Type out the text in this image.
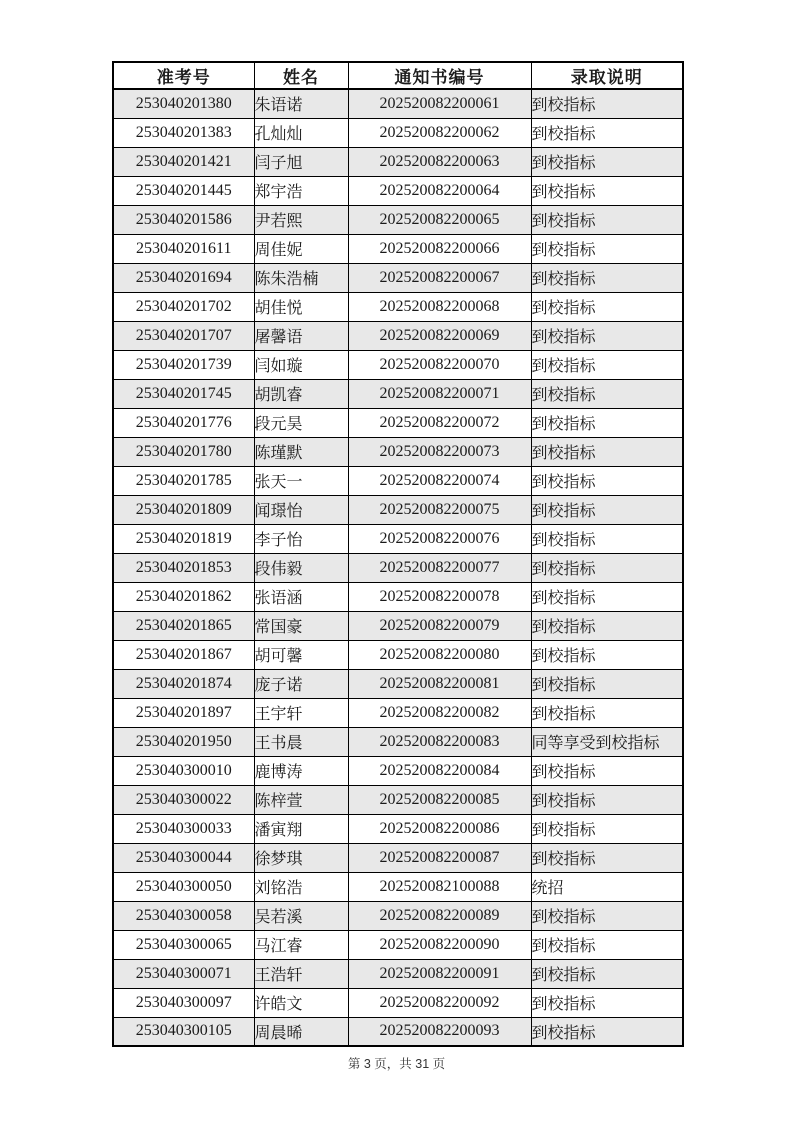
准考号	姓名	通知书编号	录取说明
253040201380	朱语诺	202520082200061	到校指标
253040201383	孔灿灿	202520082200062	到校指标
253040201421	闫子旭	202520082200063	到校指标
253040201445	郑宇浩	202520082200064	到校指标
253040201586	尹若熙	202520082200065	到校指标
253040201611	周佳妮	202520082200066	到校指标
253040201694	陈朱浩楠	202520082200067	到校指标
253040201702	胡佳悦	202520082200068	到校指标
253040201707	屠馨语	202520082200069	到校指标
253040201739	闫如璇	202520082200070	到校指标
253040201745	胡凯睿	202520082200071	到校指标
253040201776	段元昊	202520082200072	到校指标
253040201780	陈瑾默	202520082200073	到校指标
253040201785	张天一	202520082200074	到校指标
253040201809	闻璟怡	202520082200075	到校指标
253040201819	李子怡	202520082200076	到校指标
253040201853	段伟毅	202520082200077	到校指标
253040201862	张语涵	202520082200078	到校指标
253040201865	常国豪	202520082200079	到校指标
253040201867	胡可馨	202520082200080	到校指标
253040201874	庞子诺	202520082200081	到校指标
253040201897	王宇轩	202520082200082	到校指标
253040201950	王书晨	202520082200083	同等享受到校指标
253040300010	鹿博涛	202520082200084	到校指标
253040300022	陈梓萱	202520082200085	到校指标
253040300033	潘寅翔	202520082200086	到校指标
253040300044	徐梦琪	202520082200087	到校指标
253040300050	刘铭浩	202520082100088	统招
253040300058	吴若溪	202520082200089	到校指标
253040300065	马江睿	202520082200090	到校指标
253040300071	王浩轩	202520082200091	到校指标
253040300097	许皓文	202520082200092	到校指标
253040300105	周晨晞	202520082200093	到校指标
第 3 页，共 31 页
